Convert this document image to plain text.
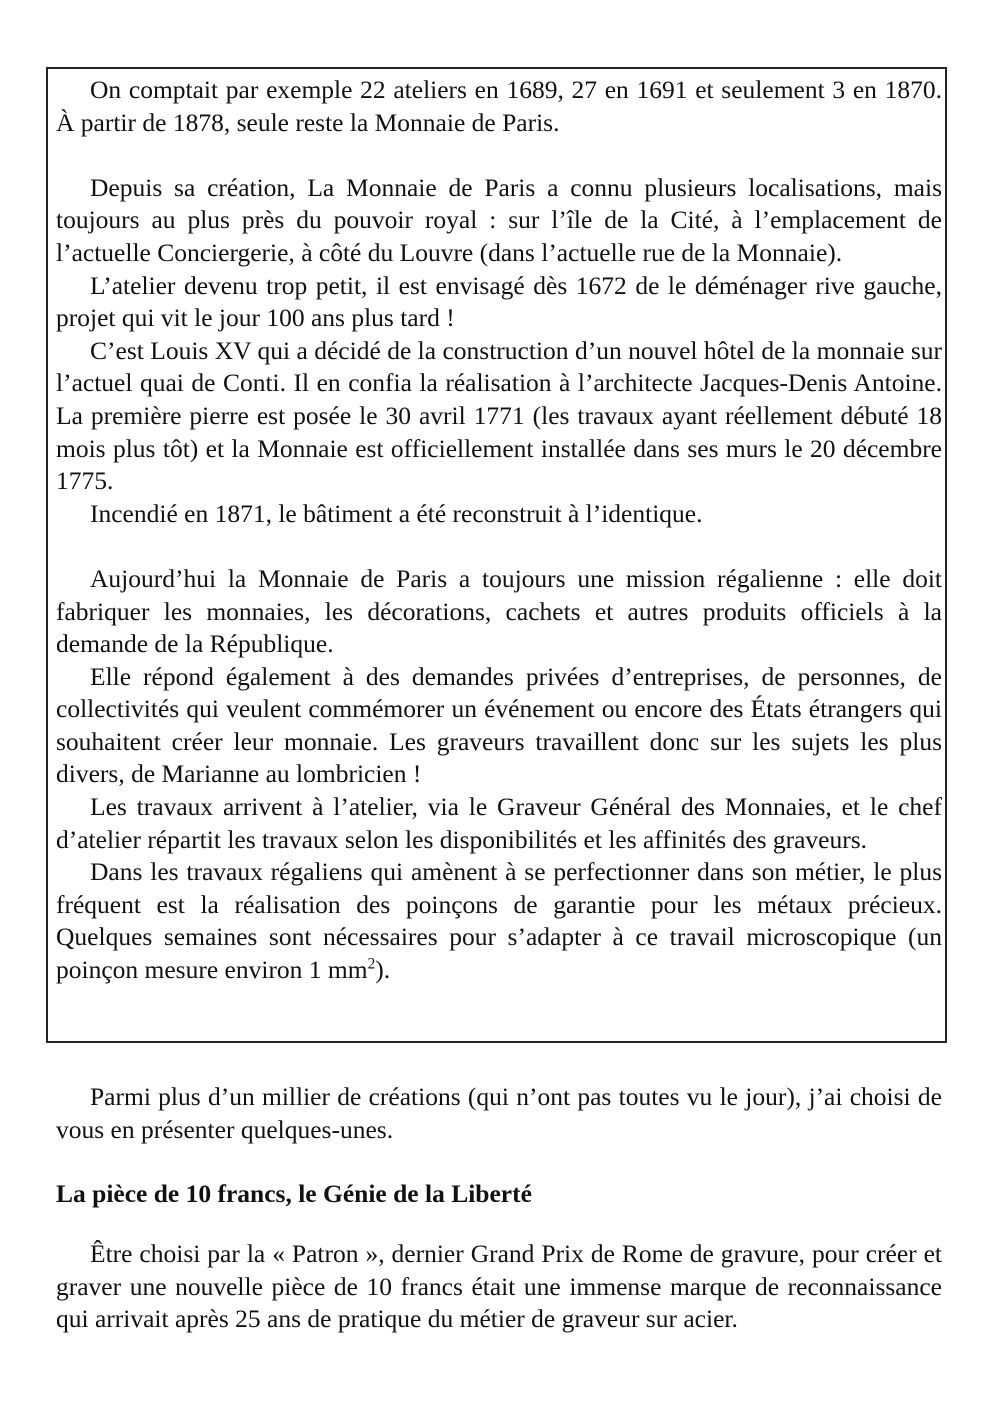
On comptait par exemple 22 ateliers en 1689, 27 en 1691 et seulement 3 en 1870. À partir de 1878, seule reste la Monnaie de Paris.

Depuis sa création, La Monnaie de Paris a connu plusieurs localisations, mais toujours au plus près du pouvoir royal : sur l’île de la Cité, à l’emplacement de l’actuelle Conciergerie, à côté du Louvre (dans l’actuelle rue de la Monnaie).

L’atelier devenu trop petit, il est envisagé dès 1672 de le déménager rive gauche, projet qui vit le jour 100 ans plus tard !

C’est Louis XV qui a décidé de la construction d’un nouvel hôtel de la monnaie sur l’actuel quai de Conti. Il en confia la réalisation à l’architecte Jacques-Denis Antoine. La première pierre est posée le 30 avril 1771 (les travaux ayant réellement débuté 18 mois plus tôt) et la Monnaie est officiellement installée dans ses murs le 20 décembre 1775.

Incendié en 1871, le bâtiment a été reconstruit à l’identique.

Aujourd’hui la Monnaie de Paris a toujours une mission régalienne : elle doit fabriquer les monnaies, les décorations, cachets et autres produits officiels à la demande de la République.

Elle répond également à des demandes privées d’entreprises, de personnes, de collectivités qui veulent commémorer un événement ou encore des États étrangers qui souhaitent créer leur monnaie. Les graveurs travaillent donc sur les sujets les plus divers, de Marianne au lombricien !

Les travaux arrivent à l’atelier, via le Graveur Général des Monnaies, et le chef d’atelier répartit les travaux selon les disponibilités et les affinités des graveurs.

Dans les travaux régaliens qui amènent à se perfectionner dans son métier, le plus fréquent est la réalisation des poinçons de garantie pour les métaux précieux. Quelques semaines sont nécessaires pour s’adapter à ce travail microscopique (un poinçon mesure environ 1 $mm^2$).

Parmi plus d’un millier de créations (qui n’ont pas toutes vu le jour), j’ai choisi de vous en présenter quelques-unes.

La pièce de 10 francs, le Génie de la Liberté

Être choisi par la « Patron », dernier Grand Prix de Rome de gravure, pour créer et graver une nouvelle pièce de 10 francs était une immense marque de reconnaissance qui arrivait après 25 ans de pratique du métier de graveur sur acier.
